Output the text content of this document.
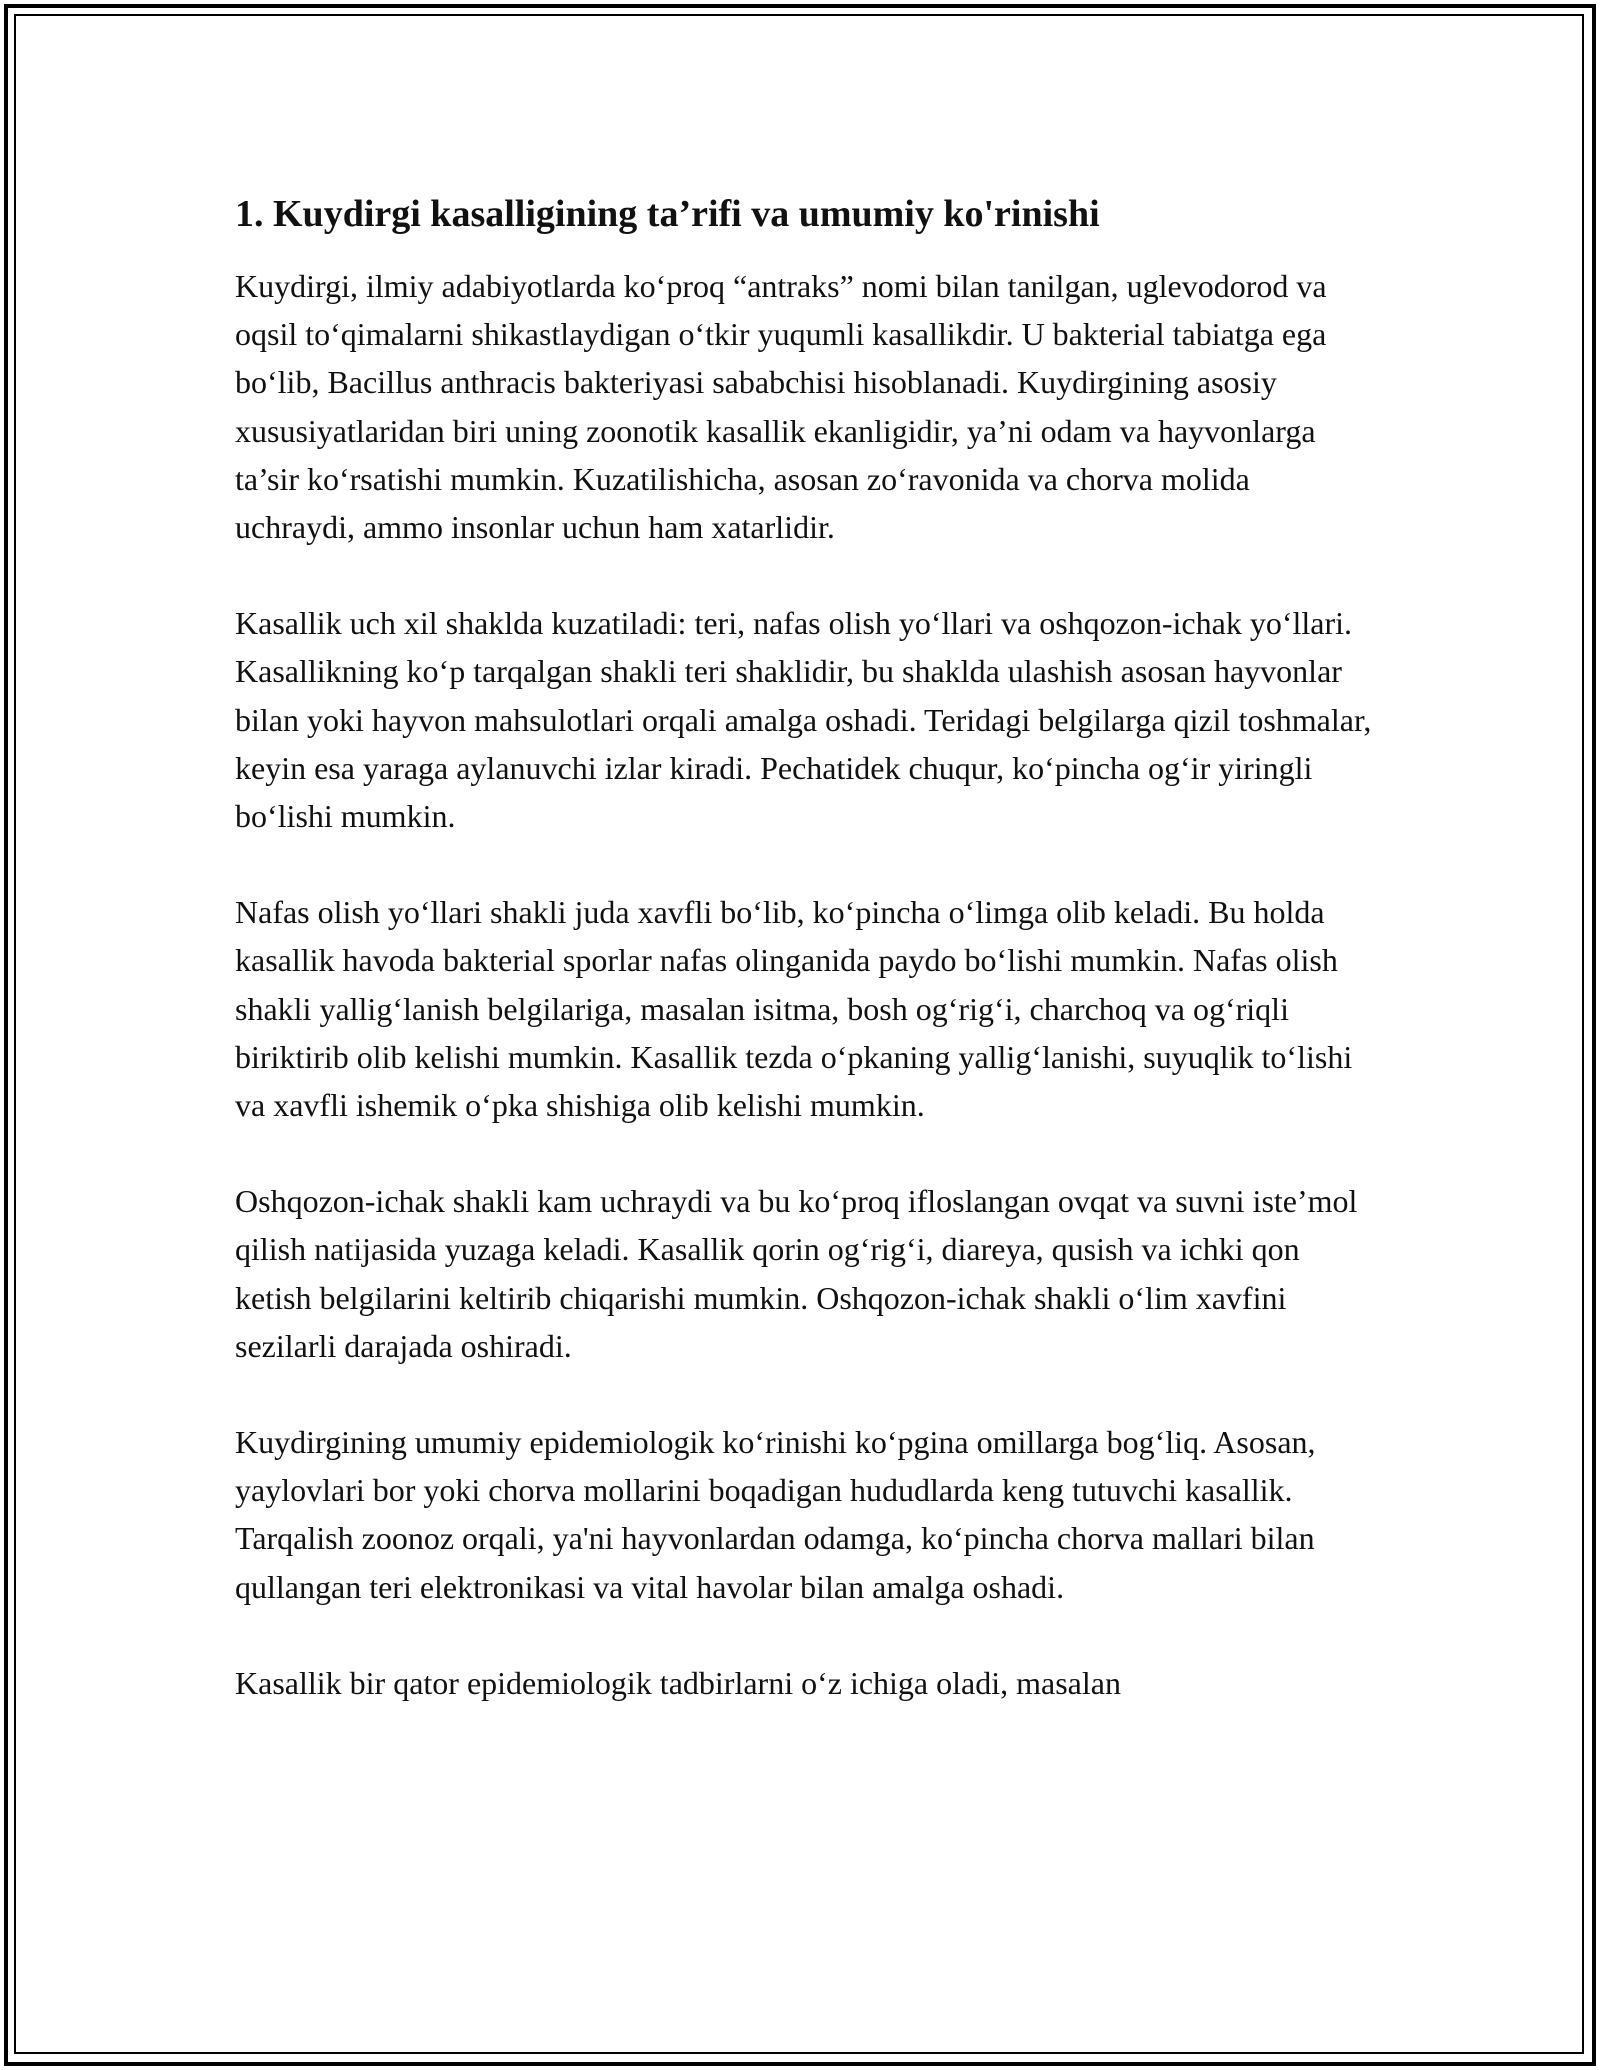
1. Kuydirgi kasalligining ta’rifi va umumiy ko'rinishi

Kuydirgi, ilmiy adabiyotlarda koʻproq “antraks” nomi bilan tanilgan, uglevodorod va oqsil toʻqimalarni shikastlaydigan oʻtkir yuqumli kasallikdir. U bakterial tabiatga ega boʻlib, Bacillus anthracis bakteriyasi sababchisi hisoblanadi. Kuydirgining asosiy xususiyatlaridan biri uning zoonotik kasallik ekanligidir, ya’ni odam va hayvonlarga ta’sir koʻrsatishi mumkin. Kuzatilishicha, asosan zoʻravonida va chorva molida uchraydi, ammo insonlar uchun ham xatarlidir.

Kasallik uch xil shaklda kuzatiladi: teri, nafas olish yoʻllari va oshqozon-ichak yoʻllari. Kasallikning koʻp tarqalgan shakli teri shaklidir, bu shaklda ulashish asosan hayvonlar bilan yoki hayvon mahsulotlari orqali amalga oshadi. Teridagi belgilarga qizil toshmalar, keyin esa yaraga aylanuvchi izlar kiradi. Pechatidek chuqur, koʻpincha ogʻir yiringli boʻlishi mumkin.

Nafas olish yoʻllari shakli juda xavfli boʻlib, koʻpincha oʻlimga olib keladi. Bu holda kasallik havoda bakterial sporlar nafas olinganida paydo boʻlishi mumkin. Nafas olish shakli yalligʻlanish belgilariga, masalan isitma, bosh ogʻrigʻi, charchoq va ogʻriqli biriktirib olib kelishi mumkin. Kasallik tezda oʻpkaning yalligʻlanishi, suyuqlik toʻlishi va xavfli ishemik oʻpka shishiga olib kelishi mumkin.

Oshqozon-ichak shakli kam uchraydi va bu koʻproq ifloslangan ovqat va suvni iste’mol qilish natijasida yuzaga keladi. Kasallik qorin ogʻrigʻi, diareya, qusish va ichki qon ketish belgilarini keltirib chiqarishi mumkin. Oshqozon-ichak shakli oʻlim xavfini sezilarli darajada oshiradi.

Kuydirgining umumiy epidemiologik koʻrinishi koʻpgina omillarga bogʻliq. Asosan, yaylovlari bor yoki chorva mollarini boqadigan hududlarda keng tutuvchi kasallik. Tarqalish zoonoz orqali, ya'ni hayvonlardan odamga, koʻpincha chorva mallari bilan qullangan teri elektronikasi va vital havolar bilan amalga oshadi.

Kasallik bir qator epidemiologik tadbirlarni oʻz ichiga oladi, masalan
